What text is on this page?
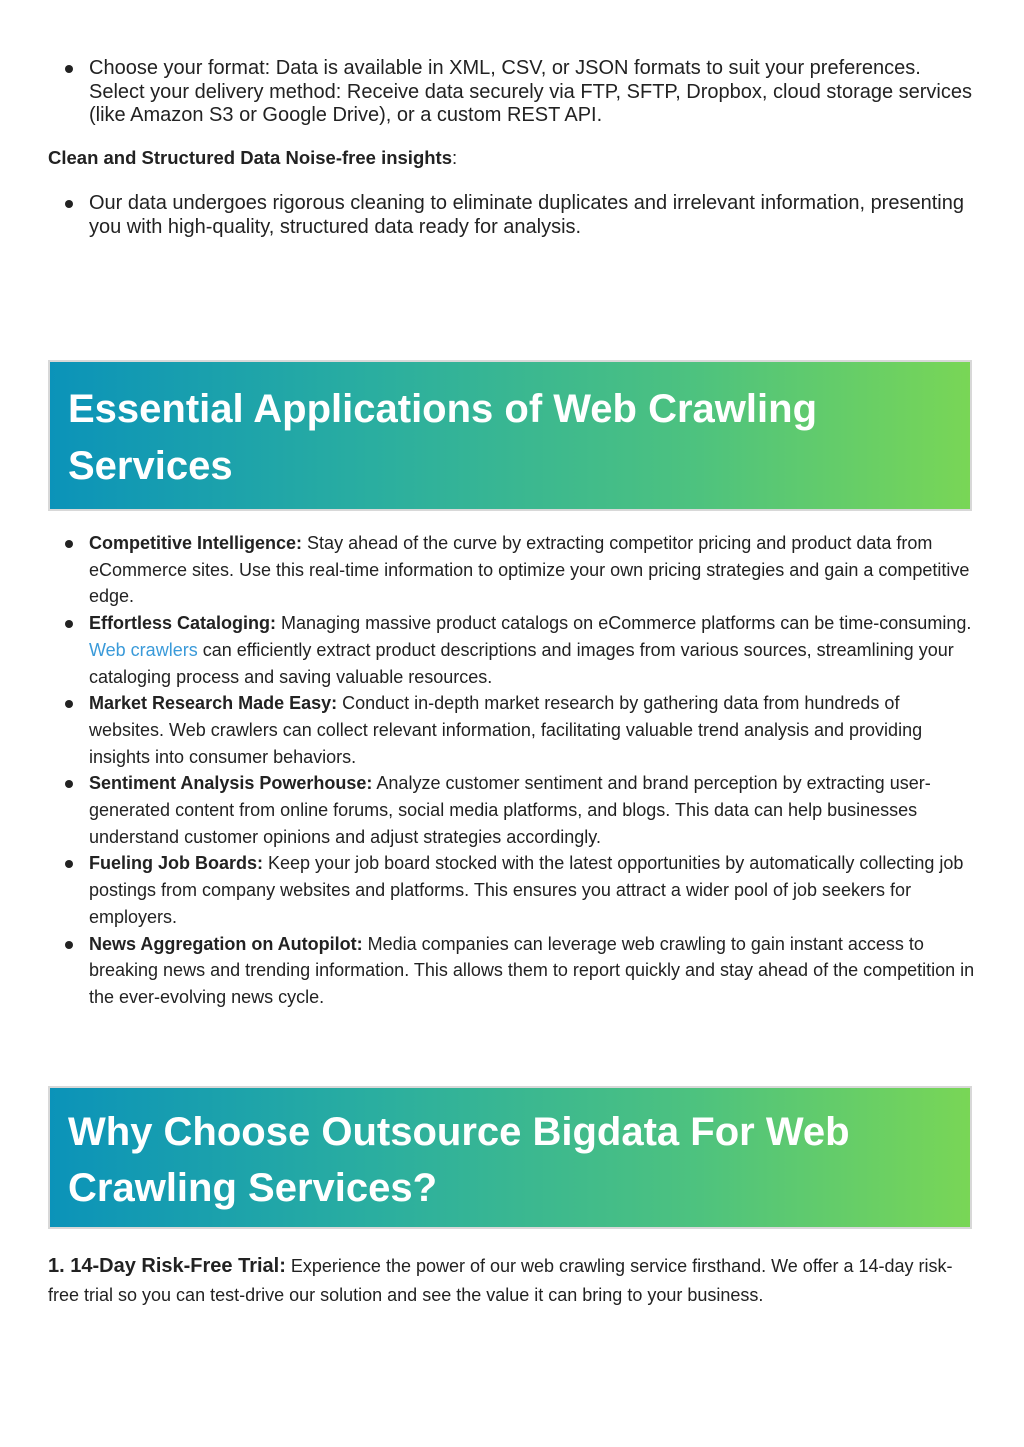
Choose your format: Data is available in XML, CSV, or JSON formats to suit your preferences. Select your delivery method: Receive data securely via FTP, SFTP, Dropbox, cloud storage services (like Amazon S3 or Google Drive), or a custom REST API.
Clean and Structured Data Noise-free insights:
Our data undergoes rigorous cleaning to eliminate duplicates and irrelevant information, presenting you with high-quality, structured data ready for analysis.
Essential Applications of Web Crawling Services
Competitive Intelligence: Stay ahead of the curve by extracting competitor pricing and product data from eCommerce sites. Use this real-time information to optimize your own pricing strategies and gain a competitive edge.
Effortless Cataloging: Managing massive product catalogs on eCommerce platforms can be time-consuming. Web crawlers can efficiently extract product descriptions and images from various sources, streamlining your cataloging process and saving valuable resources.
Market Research Made Easy: Conduct in-depth market research by gathering data from hundreds of websites. Web crawlers can collect relevant information, facilitating valuable trend analysis and providing insights into consumer behaviors.
Sentiment Analysis Powerhouse: Analyze customer sentiment and brand perception by extracting user-generated content from online forums, social media platforms, and blogs. This data can help businesses understand customer opinions and adjust strategies accordingly.
Fueling Job Boards: Keep your job board stocked with the latest opportunities by automatically collecting job postings from company websites and platforms. This ensures you attract a wider pool of job seekers for employers.
News Aggregation on Autopilot: Media companies can leverage web crawling to gain instant access to breaking news and trending information. This allows them to report quickly and stay ahead of the competition in the ever-evolving news cycle.
Why Choose Outsource Bigdata For Web Crawling Services?

1. 14-Day Risk-Free Trial: Experience the power of our web crawling service firsthand. We offer a 14-day risk-free trial so you can test-drive our solution and see the value it can bring to your business.
